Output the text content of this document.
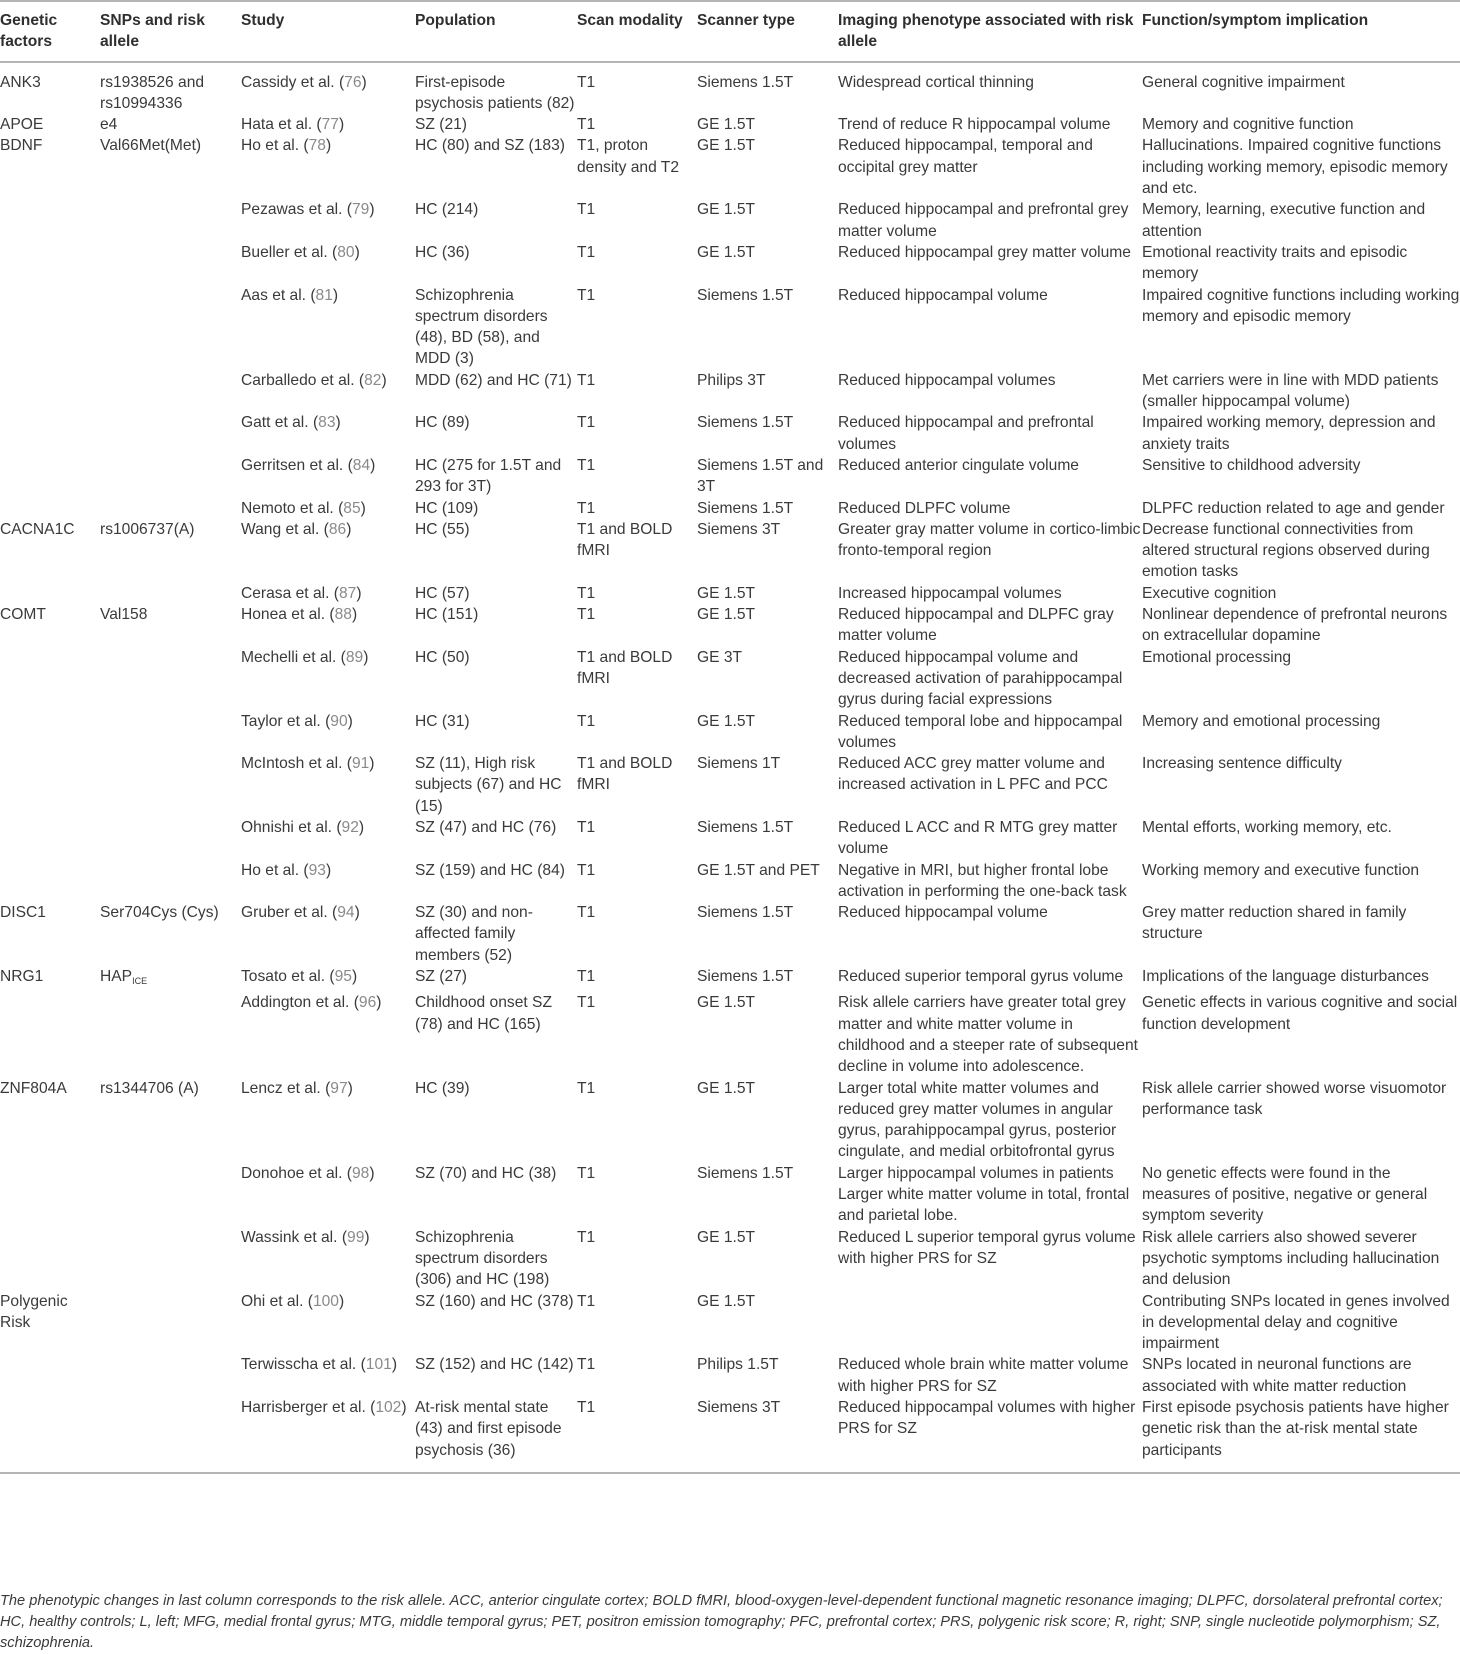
Genetic factors	SNPs and risk allele	Study	Population	Scan modality	Scanner type	Imaging phenotype associated with risk allele	Function/symptom implication
ANK3	rs1938526 and rs10994336	Cassidy et al. (76)	First-episode psychosis patients (82)	T1	Siemens 1.5T	Widespread cortical thinning	General cognitive impairment
APOE	e4	Hata et al. (77)	SZ (21)	T1	GE 1.5T	Trend of reduce R hippocampal volume	Memory and cognitive function
BDNF	Val66Met(Met)	Ho et al. (78)	HC (80) and SZ (183)	T1, proton density and T2	GE 1.5T	Reduced hippocampal, temporal and occipital grey matter	Hallucinations. Impaired cognitive functions including working memory, episodic memory and etc.
		Pezawas et al. (79)	HC (214)	T1	GE 1.5T	Reduced hippocampal and prefrontal grey matter volume	Memory, learning, executive function and attention
		Bueller et al. (80)	HC (36)	T1	GE 1.5T	Reduced hippocampal grey matter volume	Emotional reactivity traits and episodic memory
		Aas et al. (81)	Schizophrenia spectrum disorders (48), BD (58), and MDD (3)	T1	Siemens 1.5T	Reduced hippocampal volume	Impaired cognitive functions including working memory and episodic memory
		Carballedo et al. (82)	MDD (62) and HC (71)	T1	Philips 3T	Reduced hippocampal volumes	Met carriers were in line with MDD patients (smaller hippocampal volume)
		Gatt et al. (83)	HC (89)	T1	Siemens 1.5T	Reduced hippocampal and prefrontal volumes	Impaired working memory, depression and anxiety traits
		Gerritsen et al. (84)	HC (275 for 1.5T and 293 for 3T)	T1	Siemens 1.5T and 3T	Reduced anterior cingulate volume	Sensitive to childhood adversity
		Nemoto et al. (85)	HC (109)	T1	Siemens 1.5T	Reduced DLPFC volume	DLPFC reduction related to age and gender
CACNA1C	rs1006737(A)	Wang et al. (86)	HC (55)	T1 and BOLD fMRI	Siemens 3T	Greater gray matter volume in cortico-limbic fronto-temporal region	Decrease functional connectivities from altered structural regions observed during emotion tasks
		Cerasa et al. (87)	HC (57)	T1	GE 1.5T	Increased hippocampal volumes	Executive cognition
COMT	Val158	Honea et al. (88)	HC (151)	T1	GE 1.5T	Reduced hippocampal and DLPFC gray matter volume	Nonlinear dependence of prefrontal neurons on extracellular dopamine
		Mechelli et al. (89)	HC (50)	T1 and BOLD fMRI	GE 3T	Reduced hippocampal volume and decreased activation of parahippocampal gyrus during facial expressions	Emotional processing
		Taylor et al. (90)	HC (31)	T1	GE 1.5T	Reduced temporal lobe and hippocampal volumes	Memory and emotional processing
		McIntosh et al. (91)	SZ (11), High risk subjects (67) and HC (15)	T1 and BOLD fMRI	Siemens 1T	Reduced ACC grey matter volume and increased activation in L PFC and PCC	Increasing sentence difficulty
		Ohnishi et al. (92)	SZ (47) and HC (76)	T1	Siemens 1.5T	Reduced L ACC and R MTG grey matter volume	Mental efforts, working memory, etc.
		Ho et al. (93)	SZ (159) and HC (84)	T1	GE 1.5T and PET	Negative in MRI, but higher frontal lobe activation in performing the one-back task	Working memory and executive function
DISC1	Ser704Cys (Cys)	Gruber et al. (94)	SZ (30) and non-affected family members (52)	T1	Siemens 1.5T	Reduced hippocampal volume	Grey matter reduction shared in family structure
NRG1	$HAP_{ICE}$	Tosato et al. (95)	SZ (27)	T1	Siemens 1.5T	Reduced superior temporal gyrus volume	Implications of the language disturbances
		Addington et al. (96)	Childhood onset SZ (78) and HC (165)	T1	GE 1.5T	Risk allele carriers have greater total grey matter and white matter volume in childhood and a steeper rate of subsequent decline in volume into adolescence.	Genetic effects in various cognitive and social function development
ZNF804A	rs1344706 (A)	Lencz et al. (97)	HC (39)	T1	GE 1.5T	Larger total white matter volumes and reduced grey matter volumes in angular gyrus, parahippocampal gyrus, posterior cingulate, and medial orbitofrontal gyrus	Risk allele carrier showed worse visuomotor performance task
		Donohoe et al. (98)	SZ (70) and HC (38)	T1	Siemens 1.5T	Larger hippocampal volumes in patients Larger white matter volume in total, frontal and parietal lobe.	No genetic effects were found in the measures of positive, negative or general symptom severity
		Wassink et al. (99)	Schizophrenia spectrum disorders (306) and HC (198)	T1	GE 1.5T	Reduced L superior temporal gyrus volume with higher PRS for SZ	Risk allele carriers also showed severer psychotic symptoms including hallucination and delusion
Polygenic Risk		Ohi et al. (100)	SZ (160) and HC (378)	T1	GE 1.5T		Contributing SNPs located in genes involved in developmental delay and cognitive impairment
		Terwisscha et al. (101)	SZ (152) and HC (142)	T1	Philips 1.5T	Reduced whole brain white matter volume with higher PRS for SZ	SNPs located in neuronal functions are associated with white matter reduction
		Harrisberger et al. (102)	At-risk mental state (43) and first episode psychosis (36)	T1	Siemens 3T	Reduced hippocampal volumes with higher PRS for SZ	First episode psychosis patients have higher genetic risk than the at-risk mental state participants
The phenotypic changes in last column corresponds to the risk allele. ACC, anterior cingulate cortex; BOLD fMRI, blood-oxygen-level-dependent functional magnetic resonance imaging; DLPFC, dorsolateral prefrontal cortex; HC, healthy controls; L, left; MFG, medial frontal gyrus; MTG, middle temporal gyrus; PET, positron emission tomography; PFC, prefrontal cortex; PRS, polygenic risk score; R, right; SNP, single nucleotide polymorphism; SZ, schizophrenia.
